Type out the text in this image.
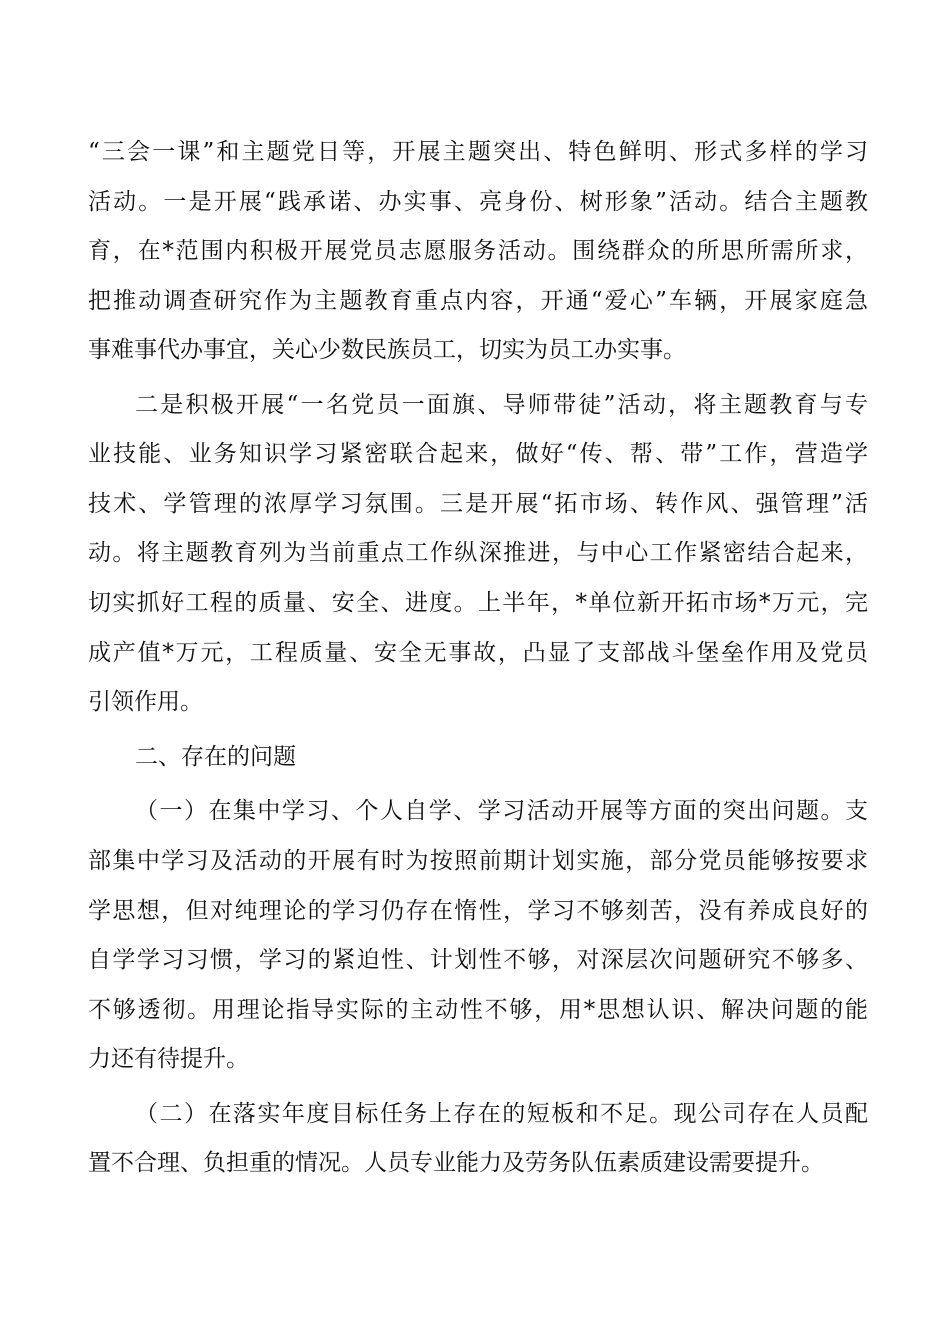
“三会一课”和主题党日等，开展主题突出、特色鲜明、形式多样的学习
活动。一是开展“践承诺、办实事、亮身份、树形象”活动。结合主题教
育，在*范围内积极开展党员志愿服务活动。围绕群众的所思所需所求，
把推动调查研究作为主题教育重点内容，开通“爱心”车辆，开展家庭急
事难事代办事宜，关心少数民族员工，切实为员工办实事。
二是积极开展“一名党员一面旗、导师带徒”活动，将主题教育与专
业技能、业务知识学习紧密联合起来，做好“传、帮、带”工作，营造学
技术、学管理的浓厚学习氛围。三是开展“拓市场、转作风、强管理”活
动。将主题教育列为当前重点工作纵深推进，与中心工作紧密结合起来，
切实抓好工程的质量、安全、进度。上半年，*单位新开拓市场*万元，完
成产值*万元，工程质量、安全无事故，凸显了支部战斗堡垒作用及党员
引领作用。
二、存在的问题
（一）在集中学习、个人自学、学习活动开展等方面的突出问题。支
部集中学习及活动的开展有时为按照前期计划实施，部分党员能够按要求
学思想，但对纯理论的学习仍存在惰性，学习不够刻苦，没有养成良好的
自学学习习惯，学习的紧迫性、计划性不够，对深层次问题研究不够多、
不够透彻。用理论指导实际的主动性不够，用*思想认识、解决问题的能
力还有待提升。
（二）在落实年度目标任务上存在的短板和不足。现公司存在人员配
置不合理、负担重的情况。人员专业能力及劳务队伍素质建设需要提升。
